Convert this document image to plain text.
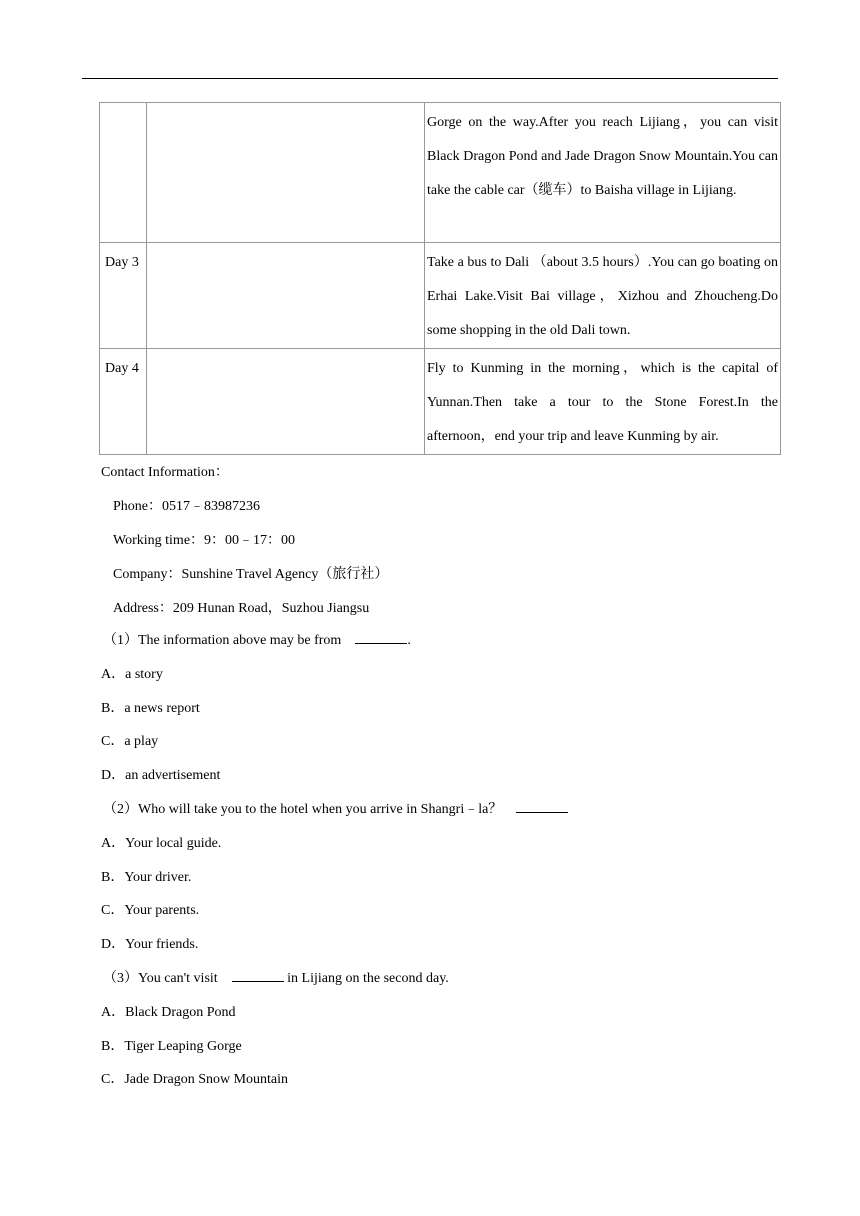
		Gorge on the way.After you reach Lijiang，you can visit Black Dragon Pond and Jade Dragon Snow Mountain.You can take the cable car（缆车）to Baisha village in Lijiang.

Day 3		Take a bus to Dali （about 3.5 hours）.You can go boating on Erhai Lake.Visit Bai village，Xizhou and Zhoucheng.Do some shopping in the old Dali town.

Day 4		Fly to Kunming in the morning，which is the capital of Yunnan.Then take a tour to the Stone Forest.In the afternoon，end your trip and leave Kunming by air.
Contact Information：
Phone：0517﹣83987236
Working time：9：00﹣17：00
Company：Sunshine Travel Agency（旅行社）
Address：209 Hunan Road，Suzhou Jiangsu
（1）The information above may be from	.
A．a story
B．a news report
C．a play
D．an advertisement
（2）Who will take you to the hotel when you arrive in Shangri﹣la？
A．Your local guide.
B．Your driver.
C．Your parents.
D．Your friends.
（3）You can't visit	in Lijiang on the second day.
A．Black Dragon Pond
B．Tiger Leaping Gorge
C．Jade Dragon Snow Mountain
